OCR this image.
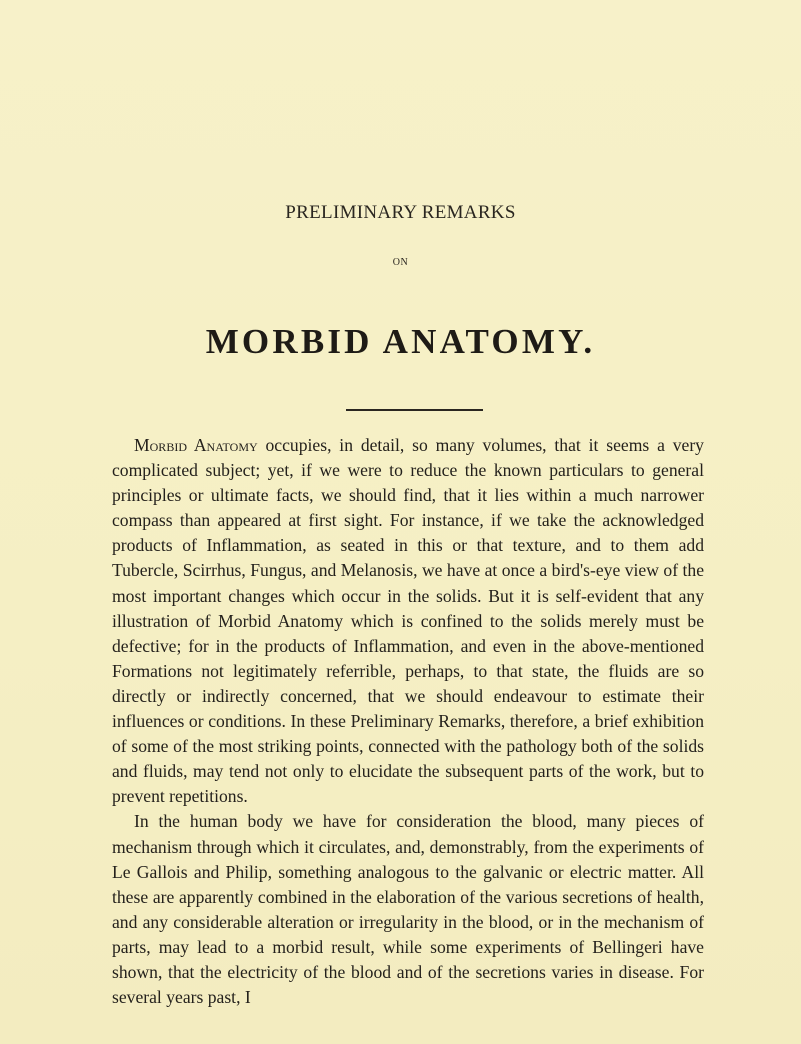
PRELIMINARY REMARKS
ON
MORBID ANATOMY.

Morbid Anatomy occupies, in detail, so many volumes, that it seems a very complicated subject; yet, if we were to reduce the known particulars to general principles or ultimate facts, we should find, that it lies within a much narrower compass than appeared at first sight. For instance, if we take the acknowledged products of Inflammation, as seated in this or that texture, and to them add Tubercle, Scirrhus, Fungus, and Melanosis, we have at once a bird's-eye view of the most important changes which occur in the solids. But it is self-evident that any illustration of Morbid Anatomy which is confined to the solids merely must be defective; for in the products of Inflammation, and even in the above-mentioned Formations not legitimately referrible, perhaps, to that state, the fluids are so directly or indirectly concerned, that we should endeavour to estimate their influences or conditions. In these Preliminary Remarks, therefore, a brief exhibition of some of the most striking points, connected with the pathology both of the solids and fluids, may tend not only to elucidate the subsequent parts of the work, but to prevent repetitions.

In the human body we have for consideration the blood, many pieces of mechanism through which it circulates, and, demonstrably, from the experiments of Le Gallois and Philip, something analogous to the galvanic or electric matter. All these are apparently combined in the elaboration of the various secretions of health, and any considerable alteration or irregularity in the blood, or in the mechanism of parts, may lead to a morbid result, while some experiments of Bellingeri have shown, that the electricity of the blood and of the secretions varies in disease. For several years past, I
